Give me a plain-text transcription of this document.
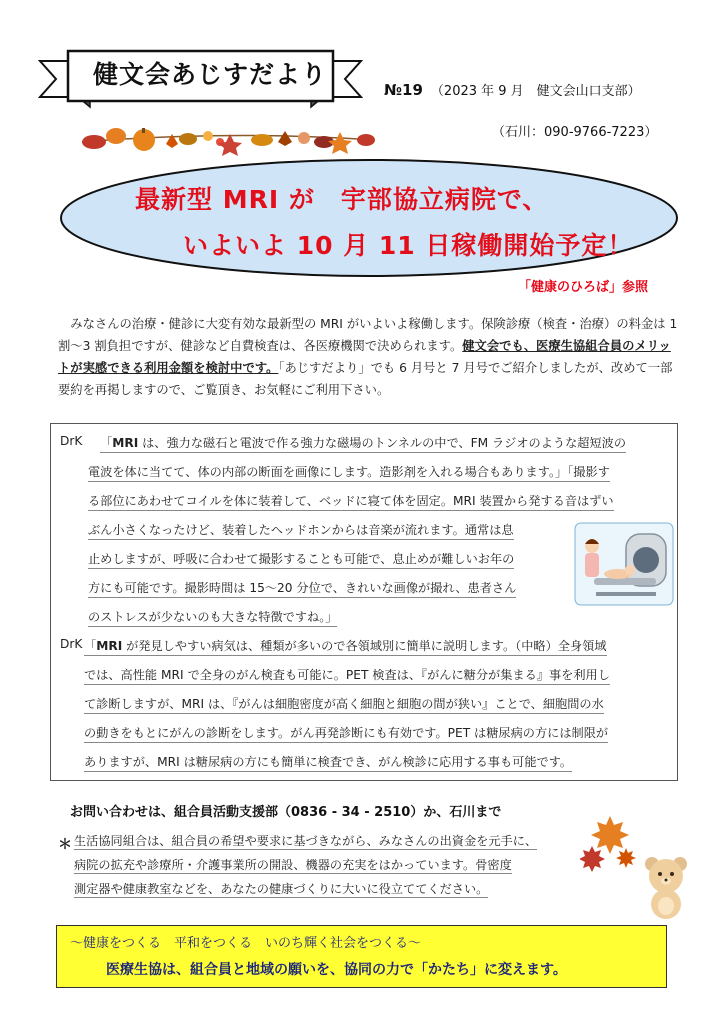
健文会あじすだより
№19 （2023 年 9 月　健文会山口支部）
（石川：090-9766-7223）
最新型 MRI が　宇部協立病院で、
いよいよ 10 月 11 日稼働開始予定！
「健康のひろば」参照
　みなさんの治療・健診に大変有効な最新型の MRI がいよいよ稼働します。保険診療（検査・治療）の料金は 1 割～3 割負担ですが、健診など自費検査は、各医療機関で決められます。健文会でも、医療生協組合員のメリットが実感できる利用金額を検討中です。「あじすだより」でも 6 月号と 7 月号でご紹介しましたが、改めて一部要約を再掲しますので、ご覧頂き、お気軽にご利用下さい。
DrK 「MRI は、強力な磁石と電波で作る強力な磁場のトンネルの中で、FM ラジオのような超短波の
電波を体に当てて、体の内部の断面を画像にします。造影剤を入れる場合もあります。」「撮影す
る部位にあわせてコイルを体に装着して、ベッドに寝て体を固定。MRI 装置から発する音はずい
ぶん小さくなったけど、装着したヘッドホンからは音楽が流れます。通常は息
止めしますが、呼吸に合わせて撮影することも可能で、息止めが難しいお年の
方にも可能です。撮影時間は 15～20 分位で、きれいな画像が撮れ、患者さん
のストレスが少ないのも大きな特徴ですね。」
DrK 「MRI が発見しやすい病気は、種類が多いので各領域別に簡単に説明します。（中略）全身領域
では、高性能 MRI で全身のがん検査も可能に。PET 検査は、『がんに糖分が集まる』事を利用し
て診断しますが、MRI は、『がんは細胞密度が高く細胞と細胞の間が狭い』ことで、細胞間の水
の動きをもとにがんの診断をします。がん再発診断にも有効です。PET は糖尿病の方には制限が
ありますが、MRI は糖尿病の方にも簡単に検査でき、がん検診に応用する事も可能です。
お問い合わせは、組合員活動支援部（0836 - 34 - 2510）か、石川まで
＊ 生活協同組合は、組合員の希望や要求に基づきながら、みなさんの出資金を元手に、
病院の拡充や診療所・介護事業所の開設、機器の充実をはかっています。骨密度
測定器や健康教室などを、あなたの健康づくりに大いに役立ててください。
～健康をつくる　平和をつくる　いのち輝く社会をつくる～
医療生協は、組合員と地域の願いを、協同の力で「かたち」に変えます。
